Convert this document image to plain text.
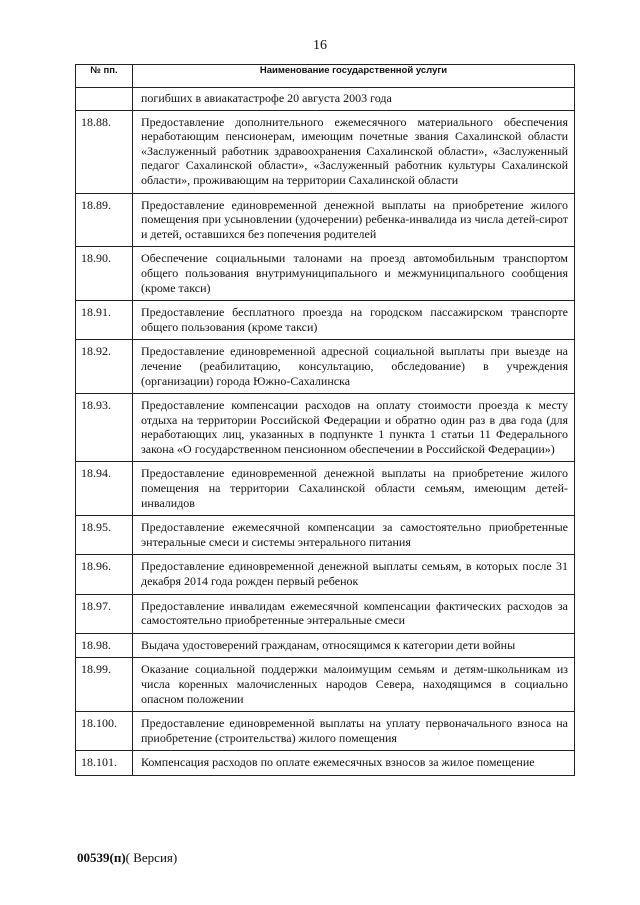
16
№ пп.	Наименование государственной услуги
	погибших в авиакатастрофе 20 августа 2003 года
18.88.	Предоставление дополнительного ежемесячного материального обеспечения неработающим пенсионерам, имеющим почетные звания Сахалинской области «Заслуженный работник здравоохранения Сахалинской области», «Заслуженный педагог Сахалинской области», «Заслуженный работник культуры Сахалинской области», проживающим на территории Сахалинской области
18.89.	Предоставление единовременной денежной выплаты на приобретение жилого помещения при усыновлении (удочерении) ребенка-инвалида из числа детей-сирот и детей, оставшихся без попечения родителей
18.90.	Обеспечение социальными талонами на проезд автомобильным транспортом общего пользования внутримуниципального и межмуниципального сообщения (кроме такси)
18.91.	Предоставление бесплатного проезда на городском пассажирском транспорте общего пользования (кроме такси)
18.92.	Предоставление единовременной адресной социальной выплаты при выезде на лечение (реабилитацию, консультацию, обследование) в учреждения (организации) города Южно-Сахалинска
18.93.	Предоставление компенсации расходов на оплату стоимости проезда к месту отдыха на территории Российской Федерации и обратно один раз в два года (для неработающих лиц, указанных в подпункте 1 пункта 1 статьи 11 Федерального закона «О государственном пенсионном обеспечении в Российской Федерации»)
18.94.	Предоставление единовременной денежной выплаты на приобретение жилого помещения на территории Сахалинской области семьям, имеющим детей-инвалидов
18.95.	Предоставление ежемесячной компенсации за самостоятельно приобретенные энтеральные смеси и системы энтерального питания
18.96.	Предоставление единовременной денежной выплаты семьям, в которых после 31 декабря 2014 года рожден первый ребенок
18.97.	Предоставление инвалидам ежемесячной компенсации фактических расходов за самостоятельно приобретенные энтеральные смеси
18.98.	Выдача удостоверений гражданам, относящимся к категории дети войны
18.99.	Оказание социальной поддержки малоимущим семьям и детям-школьникам из числа коренных малочисленных народов Севера, находящимся в социально опасном положении
18.100.	Предоставление единовременной выплаты на уплату первоначального взноса на приобретение (строительства) жилого помещения
18.101.	Компенсация расходов по оплате ежемесячных взносов за жилое помещение
00539(п)( Версия)
